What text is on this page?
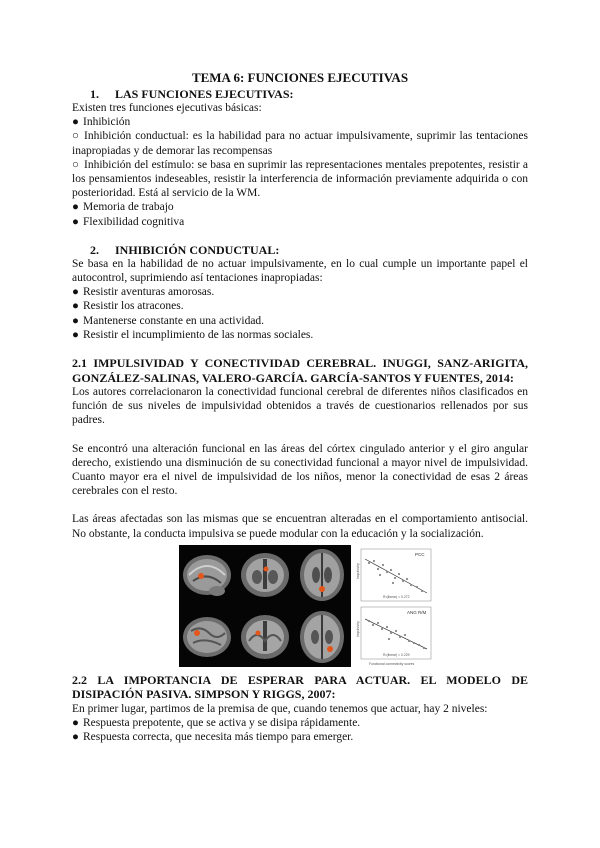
TEMA 6: FUNCIONES EJECUTIVAS
1. LAS FUNCIONES EJECUTIVAS:

Existen tres funciones ejecutivas básicas:

● Inhibición
○ Inhibición conductual: es la habilidad para no actuar impulsivamente, suprimir las tentaciones inapropiadas y de demorar las recompensas
○ Inhibición del estímulo: se basa en suprimir las representaciones mentales prepotentes, resistir a los pensamientos indeseables, resistir la interferencia de información previamente adquirida o con posterioridad. Está al servicio de la WM.
● Memoria de trabajo
● Flexibilidad cognitiva
2. INHIBICIÓN CONDUCTUAL:

Se basa en la habilidad de no actuar impulsivamente, en lo cual cumple un importante papel el autocontrol, suprimiendo así tentaciones inapropiadas:

● Resistir aventuras amorosas.
● Resistir los atracones.
● Mantenerse constante en una actividad.
● Resistir el incumplimiento de las normas sociales.
2.1 IMPULSIVIDAD Y CONECTIVIDAD CEREBRAL. INUGGI, SANZ-ARIGITA, GONZÁLEZ-SALINAS, VALERO-GARCÍA. GARCÍA-SANTOS Y FUENTES, 2014:

Los autores correlacionaron la conectividad funcional cerebral de diferentes niños clasificados en función de sus niveles de impulsividad obtenidos a través de cuestionarios rellenados por sus padres.

Se encontró una alteración funcional en las áreas del córtex cingulado anterior y el giro angular derecho, existiendo una disminución de su conectividad funcional a mayor nivel de impulsividad. Cuanto mayor era el nivel de impulsividad de los niños, menor la conectividad de esas 2 áreas cerebrales con el resto.

Las áreas afectadas son las mismas que se encuentran alteradas en el comportamiento antisocial. No obstante, la conducta impulsiva se puede modular con la educación y la socialización.

PCC
R²(linear) = 0.272
Impulsivity
ANG R/M
R²(linear) = 0.229
Impulsivity
Functional connectivity scores
2.2 LA IMPORTANCIA DE ESPERAR PARA ACTUAR. EL MODELO DE DISIPACIÓN PASIVA. SIMPSON Y RIGGS, 2007:

En primer lugar, partimos de la premisa de que, cuando tenemos que actuar, hay 2 niveles:

● Respuesta prepotente, que se activa y se disipa rápidamente.
● Respuesta correcta, que necesita más tiempo para emerger.
